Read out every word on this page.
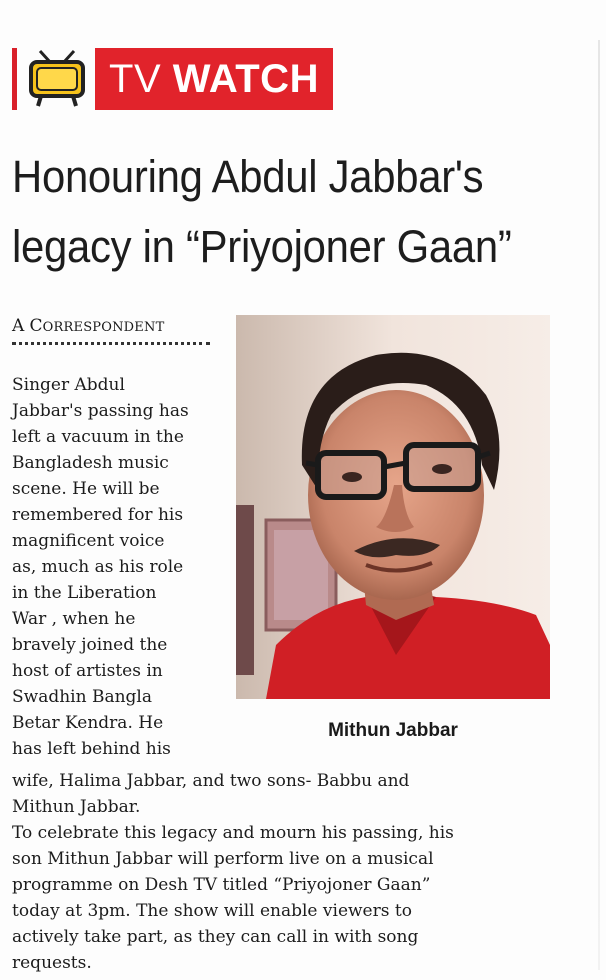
TV WATCH
Honouring Abdul Jabbar's
legacy in “Priyojoner Gaan”
A CORRESPONDENT

Singer Abdul
Jabbar's passing has
left a vacuum in the
Bangladesh music
scene. He will be
remembered for his
magnificent voice
as, much as his role
in the Liberation
War , when he
bravely joined the
host of artistes in
Swadhin Bangla
Betar Kendra. He
has left behind his

Mithun Jabbar

wife, Halima Jabbar, and two sons- Babbu and
Mithun Jabbar.

To celebrate this legacy and mourn his passing, his
son Mithun Jabbar will perform live on a musical
programme on Desh TV titled “Priyojoner Gaan”
today at 3pm. The show will enable viewers to
actively take part, as they can call in with song
requests.
